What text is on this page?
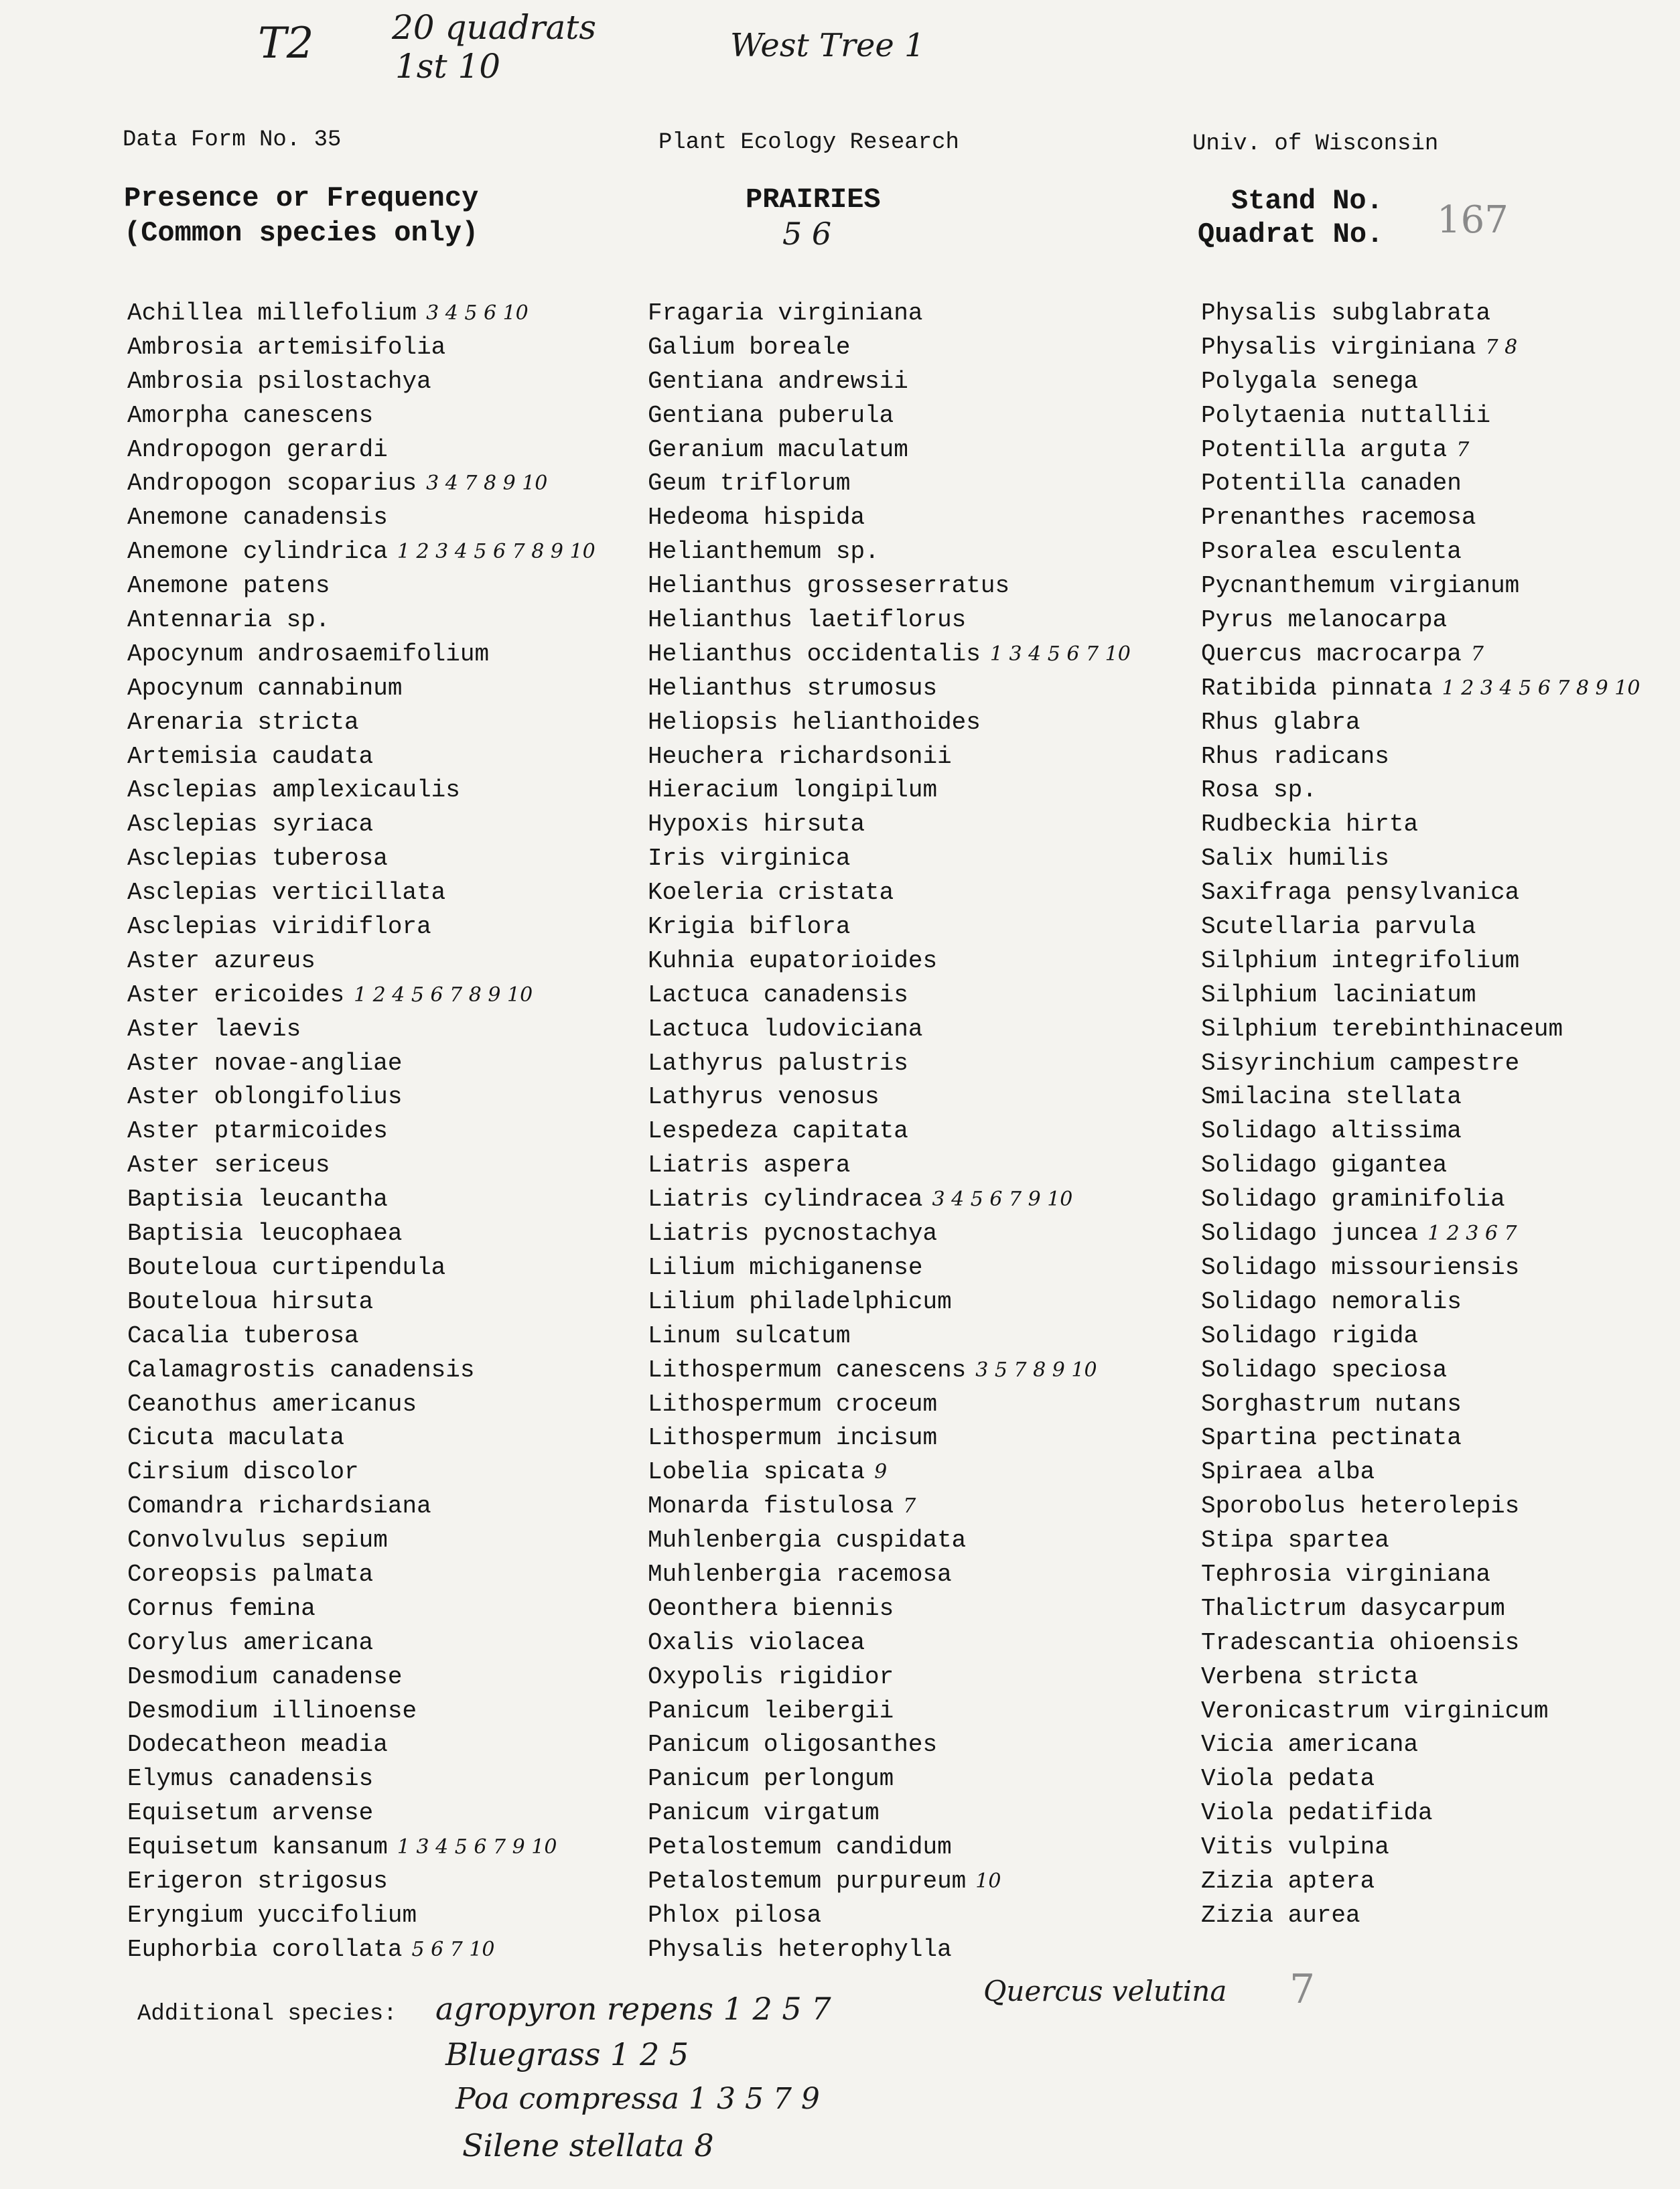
T2 20 quadrats
1st 10
West Tree 1
Data Form No. 35	Plant Ecology Research	Univ. of Wisconsin
Presence or Frequency
(Common species only)
PRAIRIES
5 6
Stand No.
Quadrat No. 167
Achillea millefolium 3 4 5 6 10
Ambrosia artemisifolia
Ambrosia psilostachya
Amorpha canescens
Andropogon gerardi
Andropogon scoparius 3 4 7 8 9 10
Anemone canadensis
Anemone cylindrica 1 2 3 4 5 6 7 8 9 10
Anemone patens
Antennaria sp.
Apocynum androsaemifolium
Apocynum cannabinum
Arenaria stricta
Artemisia caudata
Asclepias amplexicaulis
Asclepias syriaca
Asclepias tuberosa
Asclepias verticillata
Asclepias viridiflora
Aster azureus
Aster ericoides 1 2 4 5 6 7 8 9 10
Aster laevis
Aster novae-angliae
Aster oblongifolius
Aster ptarmicoides
Aster sericeus
Baptisia leucantha
Baptisia leucophaea
Bouteloua curtipendula
Bouteloua hirsuta
Cacalia tuberosa
Calamagrostis canadensis
Ceanothus americanus
Cicuta maculata
Cirsium discolor
Comandra richardsiana
Convolvulus sepium
Coreopsis palmata
Cornus femina
Corylus americana
Desmodium canadense
Desmodium illinoense
Dodecatheon meadia
Elymus canadensis
Equisetum arvense
Equisetum kansanum 1 3 4 5 6 7 9 10
Erigeron strigosus
Eryngium yuccifolium
Euphorbia corollata 5 6 7 10
Fragaria virginiana
Galium boreale
Gentiana andrewsii
Gentiana puberula
Geranium maculatum
Geum triflorum
Hedeoma hispida
Helianthemum sp.
Helianthus grosseserratus
Helianthus laetiflorus
Helianthus occidentalis 1 3 4 5 6 7 10
Helianthus strumosus
Heliopsis helianthoides
Heuchera richardsonii
Hieracium longipilum
Hypoxis hirsuta
Iris virginica
Koeleria cristata
Krigia biflora
Kuhnia eupatorioides
Lactuca canadensis
Lactuca ludoviciana
Lathyrus palustris
Lathyrus venosus
Lespedeza capitata
Liatris aspera
Liatris cylindracea 3 4 5 6 7 9 10
Liatris pycnostachya
Lilium michiganense
Lilium philadelphicum
Linum sulcatum
Lithospermum canescens 3 5 7 8 9 10
Lithospermum croceum
Lithospermum incisum
Lobelia spicata 9
Monarda fistulosa 7
Muhlenbergia cuspidata
Muhlenbergia racemosa
Oeonthera biennis
Oxalis violacea
Oxypolis rigidior
Panicum leibergii
Panicum oligosanthes
Panicum perlongum
Panicum virgatum
Petalostemum candidum
Petalostemum purpureum 10
Phlox pilosa
Physalis heterophylla
Physalis subglabrata
Physalis virginiana 7 8
Polygala senega
Polytaenia nuttallii
Potentilla arguta 7
Potentilla canaden
Prenanthes racemosa
Psoralea esculenta
Pycnanthemum virgianum
Pyrus melanocarpa
Quercus macrocarpa 7
Ratibida pinnata 1 2 3 4 5 6 7 8 9 10
Rhus glabra
Rhus radicans
Rosa sp.
Rudbeckia hirta
Salix humilis
Saxifraga pensylvanica
Scutellaria parvula
Silphium integrifolium
Silphium laciniatum
Silphium terebinthinaceum
Sisyrinchium campestre
Smilacina stellata
Solidago altissima
Solidago gigantea
Solidago graminifolia
Solidago juncea 1 2 3 6 7
Solidago missouriensis
Solidago nemoralis
Solidago rigida
Solidago speciosa
Sorghastrum nutans
Spartina pectinata
Spiraea alba
Sporobolus heterolepis
Stipa spartea
Tephrosia virginiana
Thalictrum dasycarpum
Tradescantia ohioensis
Verbena stricta
Veronicastrum virginicum
Vicia americana
Viola pedata
Viola pedatifida
Vitis vulpina
Zizia aptera
Zizia aurea
Additional species: agropyron repens 1 2 5 7
Bluegrass 1 2 5
Poa compressa 1 3 5 7 9
Silene stellata 8
Quercus velutina 7
